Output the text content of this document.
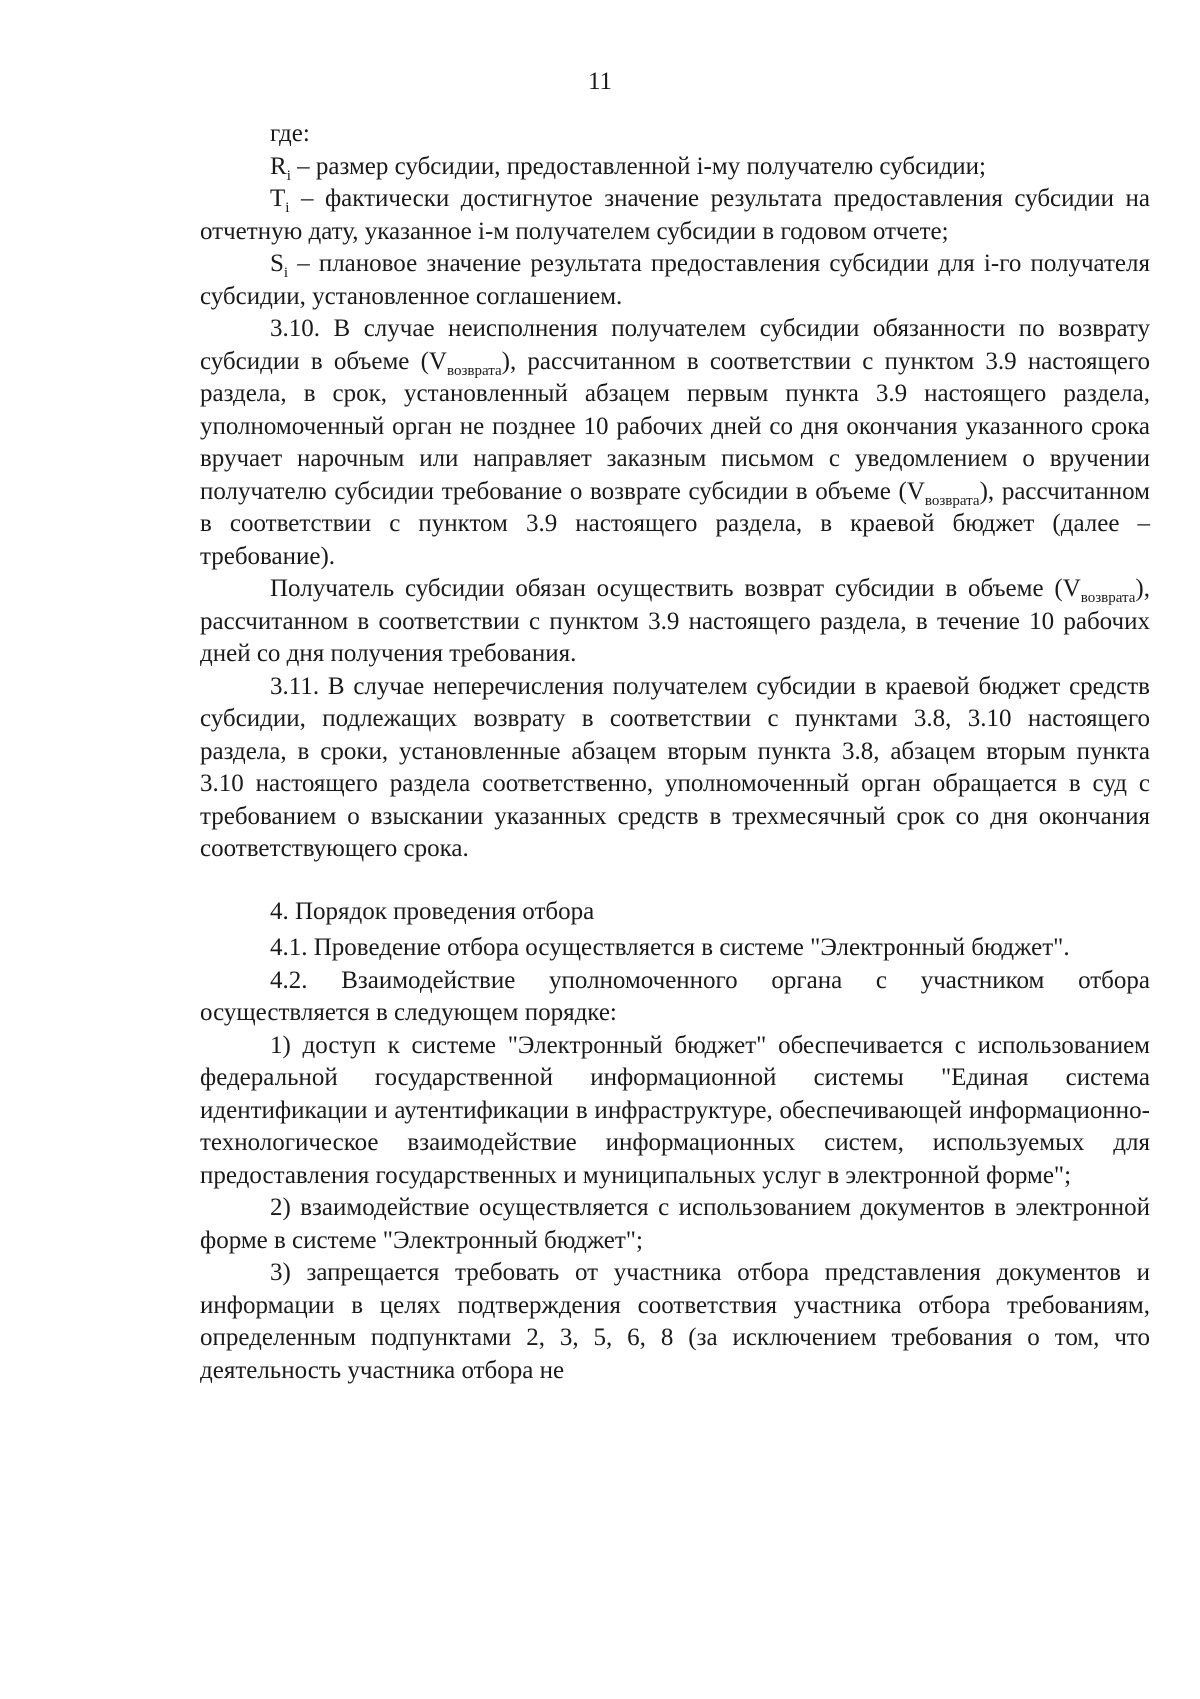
11

где:

$R_i$ – размер субсидии, предоставленной i-му получателю субсидии;

$T_i$ – фактически достигнутое значение результата предоставления субсидии на отчетную дату, указанное i-м получателем субсидии в годовом отчете;

$S_i$ – плановое значение результата предоставления субсидии для i-го получателя субсидии, установленное соглашением.

3.10. В случае неисполнения получателем субсидии обязанности по возврату субсидии в объеме $(V_{возврата})$, рассчитанном в соответствии с пунктом 3.9 настоящего раздела, в срок, установленный абзацем первым пункта 3.9 настоящего раздела, уполномоченный орган не позднее 10 рабочих дней со дня окончания указанного срока вручает нарочным или направляет заказным письмом с уведомлением о вручении получателю субсидии требование о возврате субсидии в объеме $(V_{возврата})$, рассчитанном в соответствии с пунктом 3.9 настоящего раздела, в краевой бюджет (далее – требование).

Получатель субсидии обязан осуществить возврат субсидии в объеме $(V_{возврата})$, рассчитанном в соответствии с пунктом 3.9 настоящего раздела, в течение 10 рабочих дней со дня получения требования.

3.11. В случае неперечисления получателем субсидии в краевой бюджет средств субсидии, подлежащих возврату в соответствии с пунктами 3.8, 3.10 настоящего раздела, в сроки, установленные абзацем вторым пункта 3.8, абзацем вторым пункта 3.10 настоящего раздела соответственно, уполномоченный орган обращается в суд с требованием о взыскании указанных средств в трехмесячный срок со дня окончания соответствующего срока.

4. Порядок проведения отбора

4.1. Проведение отбора осуществляется в системе "Электронный бюджет".

4.2. Взаимодействие уполномоченного органа с участником отбора осуществляется в следующем порядке:

1) доступ к системе "Электронный бюджет" обеспечивается с использованием федеральной государственной информационной системы "Единая система идентификации и аутентификации в инфраструктуре, обеспечивающей информационно-технологическое взаимодействие информационных систем, используемых для предоставления государственных и муниципальных услуг в электронной форме";

2) взаимодействие осуществляется с использованием документов в электронной форме в системе "Электронный бюджет";

3) запрещается требовать от участника отбора представления документов и информации в целях подтверждения соответствия участника отбора требованиям, определенным подпунктами 2, 3, 5, 6, 8 (за исключением требования о том, что деятельность участника отбора не
